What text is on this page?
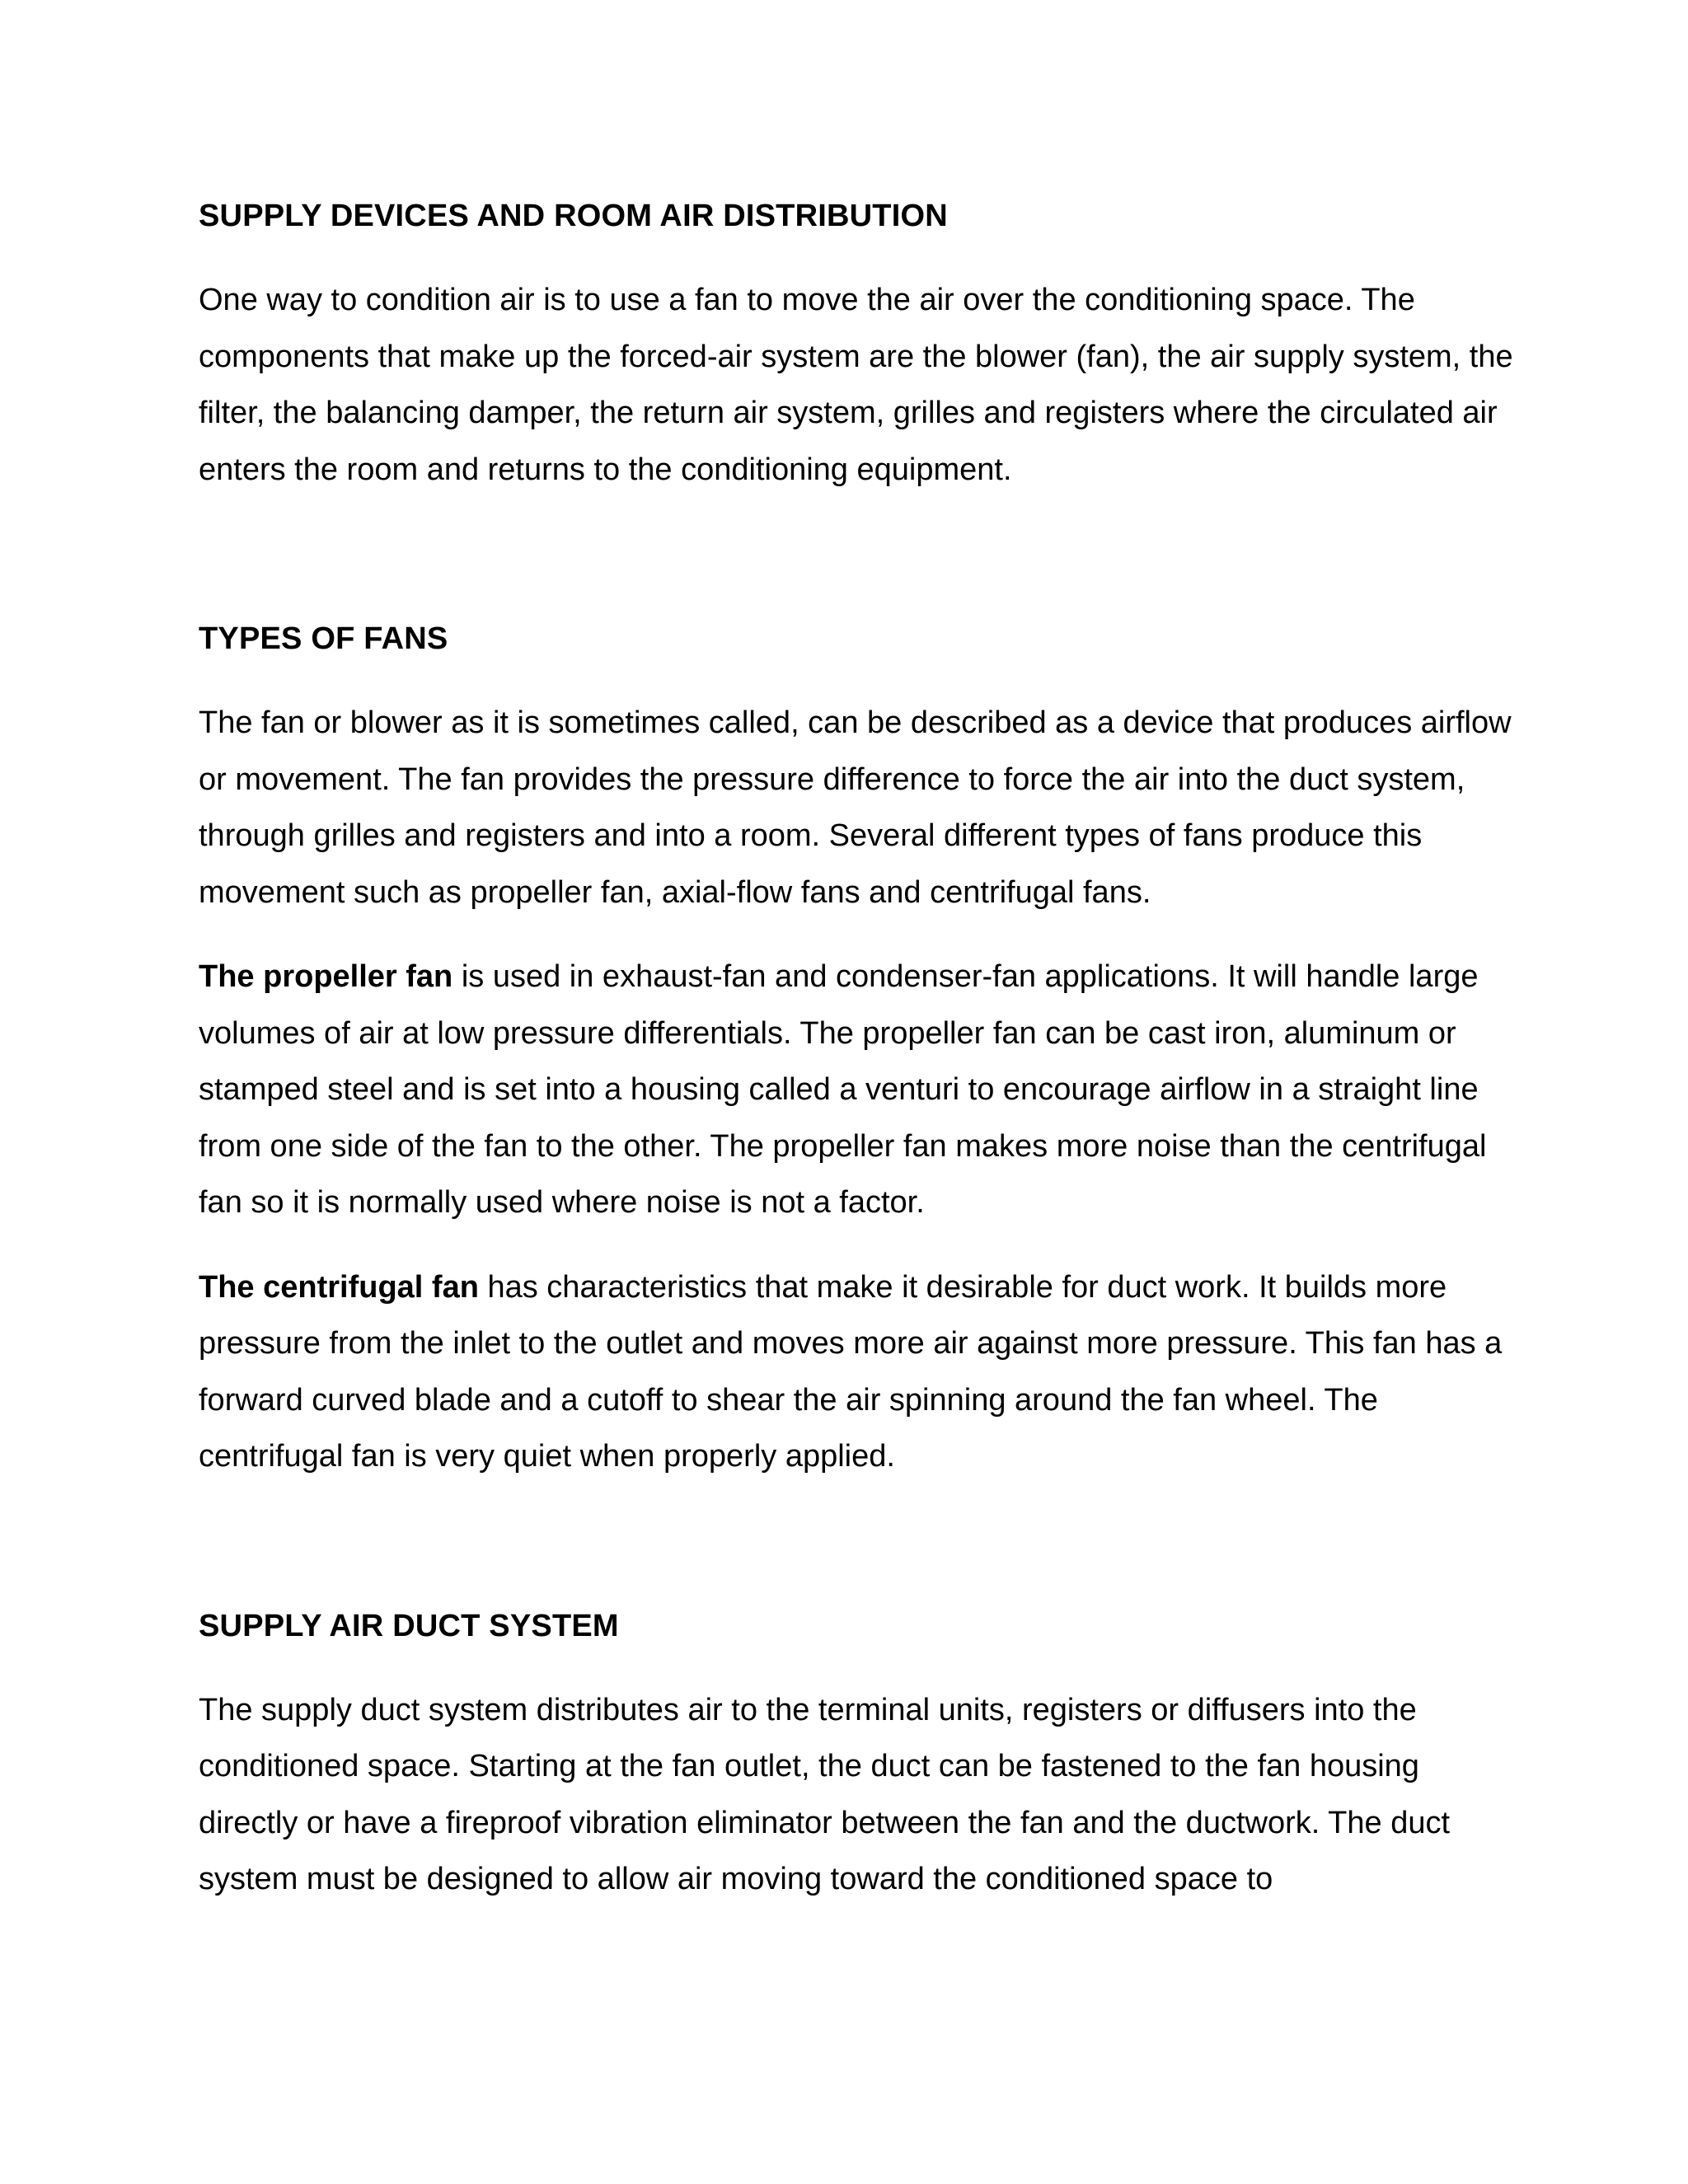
SUPPLY DEVICES AND ROOM AIR DISTRIBUTION

One way to condition air is to use a fan to move the air over the conditioning space. The components that make up the forced-air system are the blower (fan), the air supply system, the filter, the balancing damper, the return air system, grilles and registers where the circulated air enters the room and returns to the conditioning equipment.

TYPES OF FANS

The fan or blower as it is sometimes called, can be described as a device that produces airflow or movement. The fan provides the pressure difference to force the air into the duct system, through grilles and registers and into a room. Several different types of fans produce this movement such as propeller fan, axial-flow fans and centrifugal fans.

The propeller fan is used in exhaust-fan and condenser-fan applications. It will handle large volumes of air at low pressure differentials. The propeller fan can be cast iron, aluminum or stamped steel and is set into a housing called a venturi to encourage airflow in a straight line from one side of the fan to the other. The propeller fan makes more noise than the centrifugal fan so it is normally used where noise is not a factor.

The centrifugal fan has characteristics that make it desirable for duct work. It builds more pressure from the inlet to the outlet and moves more air against more pressure. This fan has a forward curved blade and a cutoff to shear the air spinning around the fan wheel. The centrifugal fan is very quiet when properly applied.

SUPPLY AIR DUCT SYSTEM

The supply duct system distributes air to the terminal units, registers or diffusers into the conditioned space. Starting at the fan outlet, the duct can be fastened to the fan housing directly or have a fireproof vibration eliminator between the fan and the ductwork. The duct system must be designed to allow air moving toward the conditioned space to
